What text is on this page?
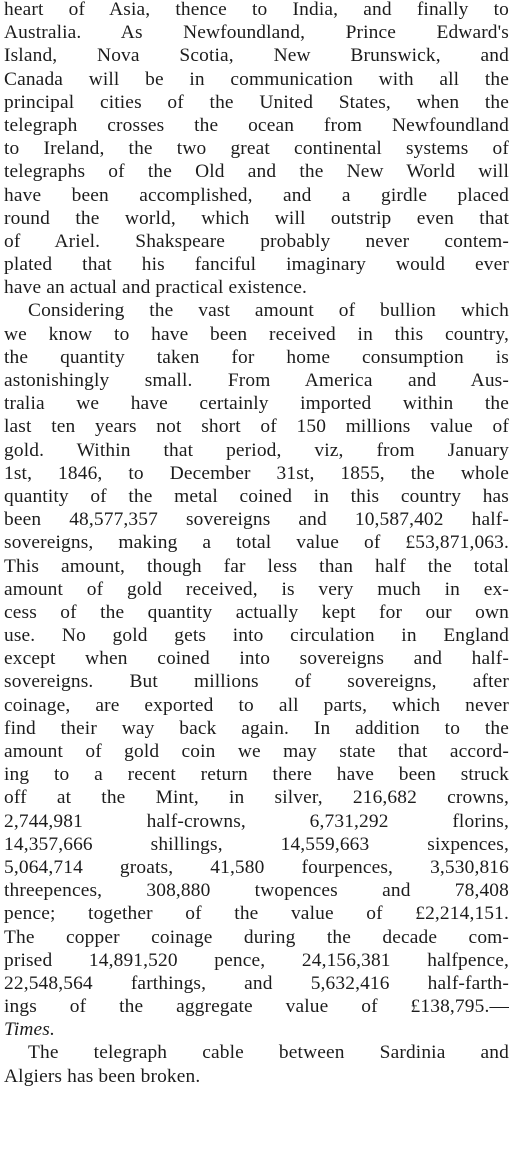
heart of Asia, thence to India, and finally to
Australia. As Newfoundland, Prince Edward's
Island, Nova Scotia, New Brunswick, and
Canada will be in communication with all the
principal cities of the United States, when the
telegraph crosses the ocean from Newfoundland
to Ireland, the two great continental systems of
telegraphs of the Old and the New World will
have been accomplished, and a girdle placed
round the world, which will outstrip even that
of Ariel. Shakspeare probably never contem-
plated that his fanciful imaginary would ever
have an actual and practical existence.
Considering the vast amount of bullion which
we know to have been received in this country,
the quantity taken for home consumption is
astonishingly small. From America and Aus-
tralia we have certainly imported within the
last ten years not short of 150 millions value of
gold. Within that period, viz, from January
1st, 1846, to December 31st, 1855, the whole
quantity of the metal coined in this country has
been 48,577,357 sovereigns and 10,587,402 half-
sovereigns, making a total value of £53,871,063.
This amount, though far less than half the total
amount of gold received, is very much in ex-
cess of the quantity actually kept for our own
use. No gold gets into circulation in England
except when coined into sovereigns and half-
sovereigns. But millions of sovereigns, after
coinage, are exported to all parts, which never
find their way back again. In addition to the
amount of gold coin we may state that accord-
ing to a recent return there have been struck
off at the Mint, in silver, 216,682 crowns,
2,744,981 half-crowns, 6,731,292 florins,
14,357,666 shillings, 14,559,663 sixpences,
5,064,714 groats, 41,580 fourpences, 3,530,816
threepences, 308,880 twopences and 78,408
pence; together of the value of £2,214,151.
The copper coinage during the decade com-
prised 14,891,520 pence, 24,156,381 halfpence,
22,548,564 farthings, and 5,632,416 half-farth-
ings of the aggregate value of £138,795.—
Times.
The telegraph cable between Sardinia and
Algiers has been broken.
